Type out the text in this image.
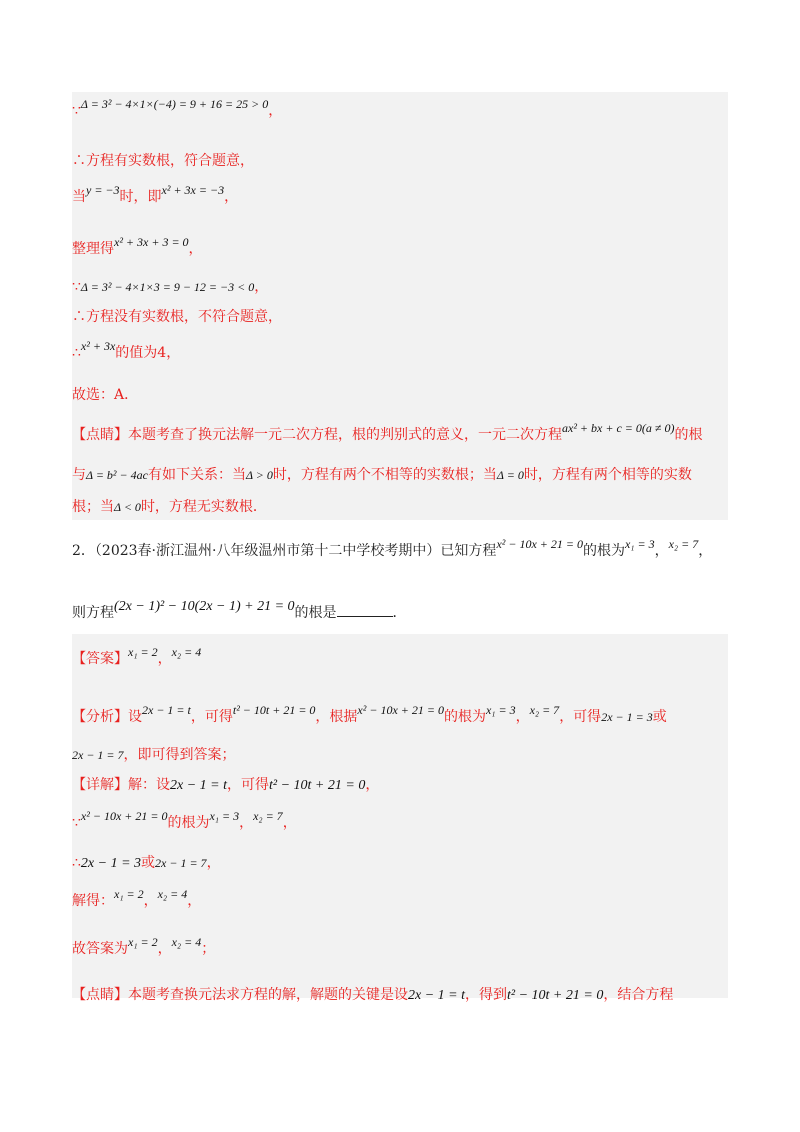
∵Δ = 3² − 4×1×(−4) = 9 + 16 = 25 > 0，
∴方程有实数根，符合题意，
当y = −3时，即x² + 3x = −3，
整理得x² + 3x + 3 = 0，
∵Δ = 3² − 4×1×3 = 9 − 12 = −3 < 0，
∴方程没有实数根，不符合题意，
∴x² + 3x的值为4，
故选：A．
【点睛】本题考查了换元法解一元二次方程，根的判别式的意义，一元二次方程ax² + bx + c = 0(a ≠ 0)的根
与Δ = b² − 4ac有如下关系：当Δ > 0时，方程有两个不相等的实数根；当Δ = 0时，方程有两个相等的实数
根；当Δ < 0时，方程无实数根．
2．（2023春·浙江温州·八年级温州市第十二中学校考期中）已知方程x² − 10x + 21 = 0的根为x₁ = 3，x₂ = 7，
则方程(2x − 1)² − 10(2x − 1) + 21 = 0的根是	．
【答案】x₁ = 2，x₂ = 4
【分析】设2x − 1 = t，可得t² − 10t + 21 = 0，根据x² − 10x + 21 = 0的根为x₁ = 3，x₂ = 7，可得2x − 1 = 3或
2x − 1 = 7，即可得到答案；
【详解】解：设2x − 1 = t，可得t² − 10t + 21 = 0，
∵x² − 10x + 21 = 0的根为x₁ = 3，x₂ = 7，
∴2x − 1 = 3或2x − 1 = 7，
解得：x₁ = 2，x₂ = 4，
故答案为x₁ = 2，x₂ = 4；
【点睛】本题考查换元法求方程的解，解题的关键是设2x − 1 = t，得到t² − 10t + 21 = 0，结合方程
